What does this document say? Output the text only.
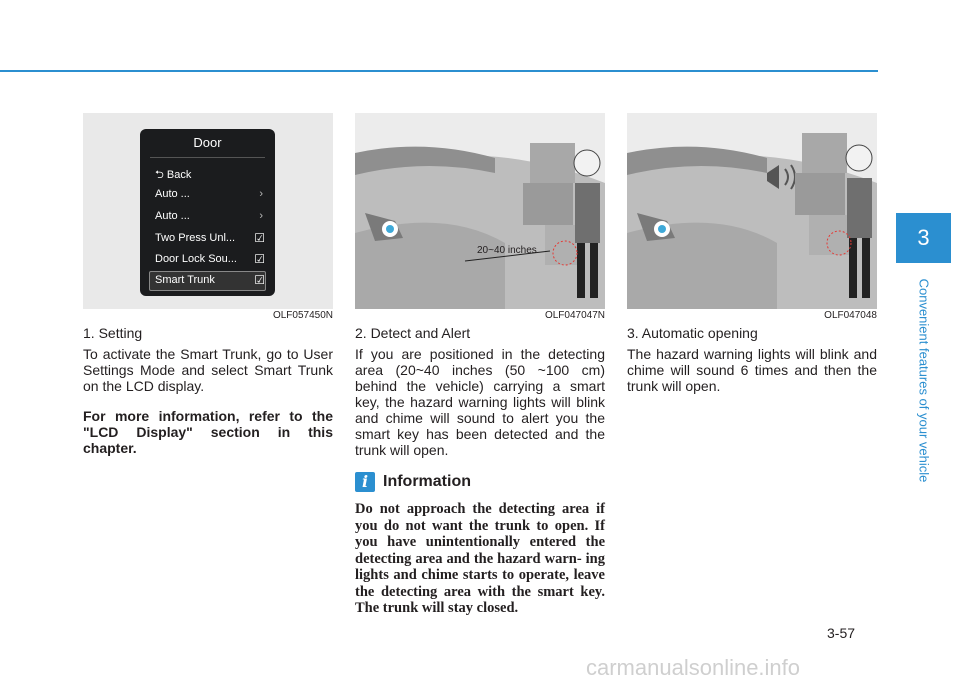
Door
⮌ Back
Auto ...	›
Auto ...	›
Two Press Unl... ☑
Door Lock Sou... ☑
Smart Trunk	☑
OLF057450N
1. Setting
To activate the Smart Trunk, go to User Settings Mode and select Smart Trunk on the LCD display.
For more information, refer to the "LCD Display" section in this chapter.
20~40 inches
OLF047047N
2. Detect and Alert
If you are positioned in the detecting area (20~40 inches (50 ~100 cm) behind the vehicle) carrying a smart key, the hazard warning lights will blink and chime will sound to alert you the smart key has been detected and the trunk will open.
i Information
Do not approach the detecting area if you do not want the trunk to open. If you have unintentionally entered the detecting area and the hazard warn- ing lights and chime starts to operate, leave the detecting area with the smart key. The trunk will stay closed.
OLF047048
3. Automatic opening
The hazard warning lights will blink and chime will sound 6 times and then the trunk will open.
3
Convenient features of your vehicle
3-57
carmanualsonline.info
